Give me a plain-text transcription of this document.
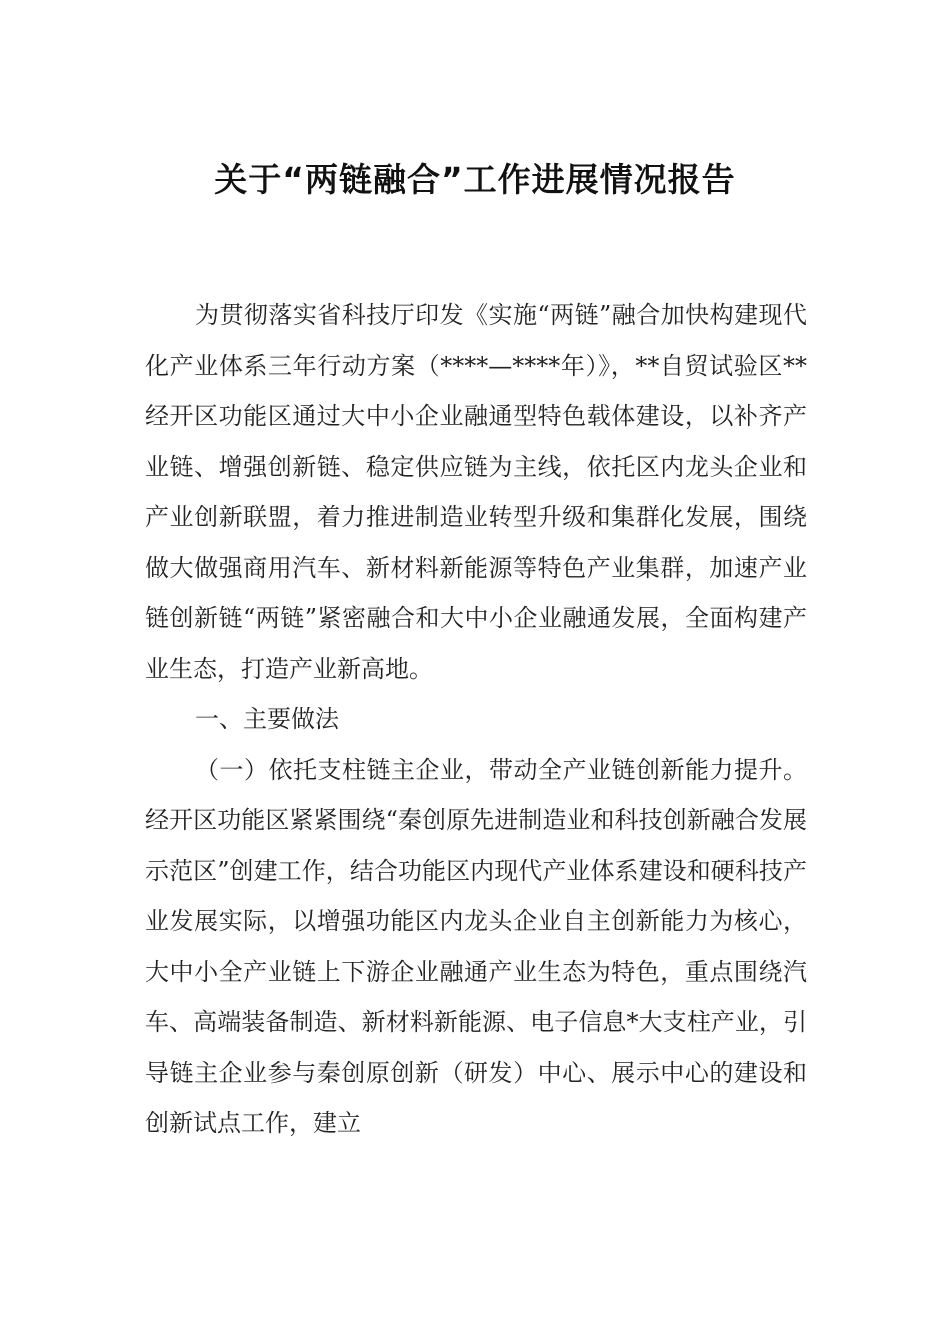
关于“两链融合”工作进展情况报告

为贯彻落实省科技厅印发《实施“两链”融合加快构建现代化产业体系三年行动方案（****—****年）》，**自贸试验区**经开区功能区通过大中小企业融通型特色载体建设，以补齐产业链、增强创新链、稳定供应链为主线，依托区内龙头企业和产业创新联盟，着力推进制造业转型升级和集群化发展，围绕做大做强商用汽车、新材料新能源等特色产业集群，加速产业链创新链“两链”紧密融合和大中小企业融通发展，全面构建产业生态，打造产业新高地。

一、主要做法

（一）依托支柱链主企业，带动全产业链创新能力提升。经开区功能区紧紧围绕“秦创原先进制造业和科技创新融合发展示范区”创建工作，结合功能区内现代产业体系建设和硬科技产业发展实际，以增强功能区内龙头企业自主创新能力为核心，大中小全产业链上下游企业融通产业生态为特色，重点围绕汽车、高端装备制造、新材料新能源、电子信息*大支柱产业，引导链主企业参与秦创原创新（研发）中心、展示中心的建设和创新试点工作，建立
